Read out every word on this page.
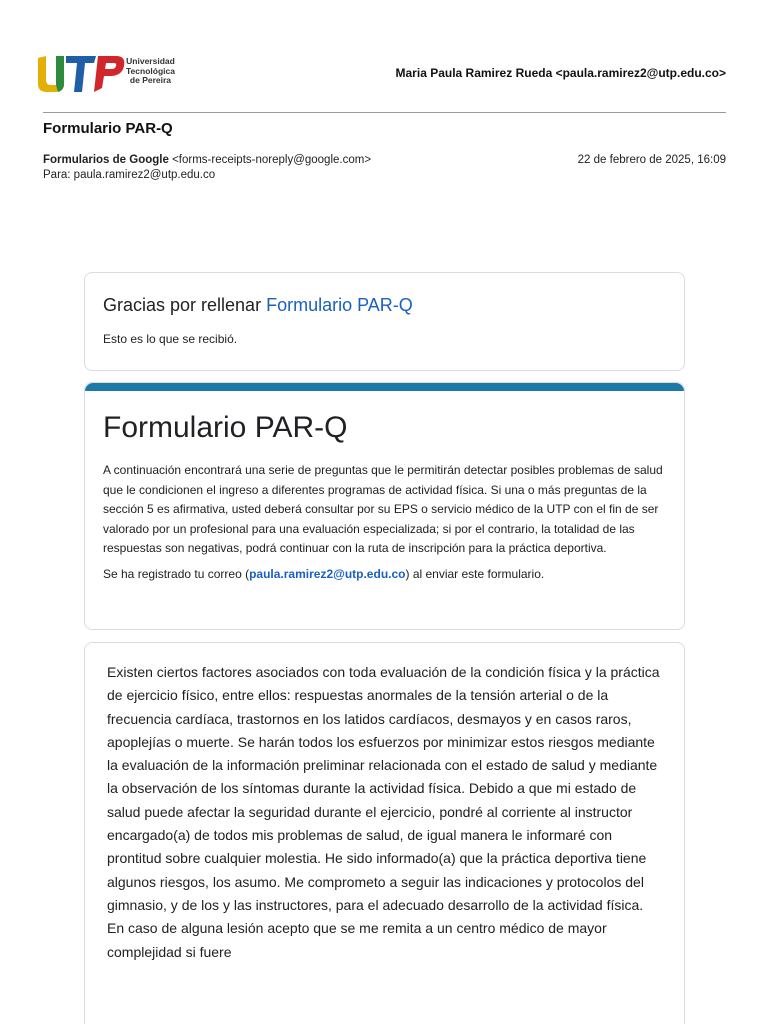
Universidad
Tecnológica
de Pereira	Maria Paula Ramirez Rueda <paula.ramirez2@utp.edu.co>
Formulario PAR-Q
Formularios de Google <forms-receipts-noreply@google.com>
Para: paula.ramirez2@utp.edu.co
22 de febrero de 2025, 16:09
Gracias por rellenar Formulario PAR-Q
Esto es lo que se recibió.
Formulario PAR-Q

A continuación encontrará una serie de preguntas que le permitirán detectar posibles problemas de salud que le condicionen el ingreso a diferentes programas de actividad física. Si una o más preguntas de la sección 5 es afirmativa, usted deberá consultar por su EPS o servicio médico de la UTP con el fin de ser valorado por un profesional para una evaluación especializada; si por el contrario, la totalidad de las respuestas son negativas, podrá continuar con la ruta de inscripción para la práctica deportiva.

Se ha registrado tu correo (paula.ramirez2@utp.edu.co) al enviar este formulario.

Existen ciertos factores asociados con toda evaluación de la condición física y la práctica de ejercicio físico, entre ellos: respuestas anormales de la tensión arterial o de la frecuencia cardíaca, trastornos en los latidos cardíacos, desmayos y en casos raros, apoplejías o muerte. Se harán todos los esfuerzos por minimizar estos riesgos mediante la evaluación de la información preliminar relacionada con el estado de salud y mediante la observación de los síntomas durante la actividad física. Debido a que mi estado de salud puede afectar la seguridad durante el ejercicio, pondré al corriente al instructor encargado(a) de todos mis problemas de salud, de igual manera le informaré con prontitud sobre cualquier molestia. He sido informado(a) que la práctica deportiva tiene algunos riesgos, los asumo. Me comprometo a seguir las indicaciones y protocolos del gimnasio, y de los y las instructores, para el adecuado desarrollo de la actividad física. En caso de alguna lesión acepto que se me remita a un centro médico de mayor complejidad si fuere
